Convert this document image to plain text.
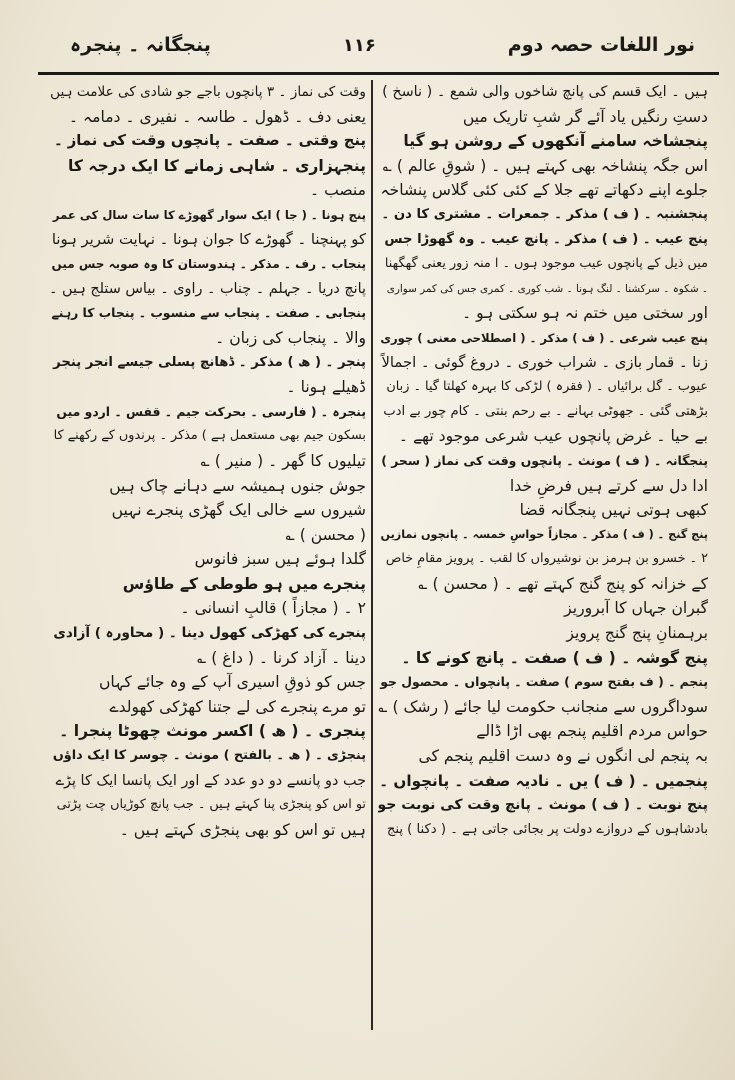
نور اللغات حصہ دوم
۱۱۶
پنجگانہ ۔ پنجرہ
ہیں ۔ ایک قسم کی پانچ شاخوں والی شمع ۔ ( ناسخ )
دستِ رنگیں یاد آئے گر شبِ تاریک میں
پنجشاخہ سامنے آنکھوں کے روشن ہو گیا
اس جگہ پنشاخہ بھی کہتے ہیں ۔ ( شوقِ عالم ) ؎
جلوے اپنے دکھاتے تھے جلا کے کئی کئی گلاس پنشاخہ
پنجشنبہ ۔ ( ف ) مذکر ۔ جمعرات ۔ مشتری کا دن ۔
پنج عیب ۔ ( ف ) مذکر ۔ پانچ عیب ۔ وہ گھوڑا جس
میں ذیل کے پانچوں عیب موجود ہوں ۔ ا منہ زور یعنی گھگھنا
۔ شکوہ ۔ سرکشنا ۔ لنگ ہونا ۔ شب کوری ۔ کمری جس کی کمر سواری
اور سختی میں ختم نہ ہو سکتی ہو ۔
پنج عیب شرعی ۔ ( ف ) مذکر ۔ ( اصطلاحی معنی ) چوری
زنا ۔ قمار بازی ۔ شراب خوری ۔ دروغ گوئی ۔ اجمالاً
عیوب ۔ گل برائیاں ۔ ( فقرہ ) لڑکی کا بہرہ کھلتا گیا ۔ زبان
بڑھتی گئی ۔ جھوٹی بہانے ۔ بے رحم بنتی ۔ کام چور بے ادب
بے حیا ۔ غرض پانچوں عیب شرعی موجود تھے ۔
پنجگانہ ۔ ( ف ) مونث ۔ پانچوں وقت کی نماز ( سحر )
ادا دل سے کرتے ہیں فرضِ خدا
کبھی ہوتی نہیں پنجگانہ قضا
پنج گنج ۔ ( ف ) مذکر ۔ مجازاً حواسِ خمسہ ۔ پانچوں نمازیں
۲ ۔ خسرو بن ہرمز بن نوشیرواں کا لقب ۔ پرویز مقامِ خاص
کے خزانہ کو پنج گنج کہتے تھے ۔ ( محسن ) ؎
گبران جہاں کا آبروریز
برہمنانِ پنج گنج پرویز
پنج گوشہ ۔ ( ف ) صفت ۔ پانچ کونے کا ۔
پنجم ۔ ( ف بفتح سوم ) صفت ۔ پانچواں ۔ محصول جو
سوداگروں سے منجانب حکومت لیا جائے ( رشک ) ؎
حواس مردم اقلیم پنجم بھی اڑا ڈالے
بہ پنجم لی انگوں نے وہ دست اقلیم پنجم کی
پنجمیں ۔ ( ف ) یں ۔ نادیہ صفت ۔ پانچواں ۔
پنج نوبت ۔ ( ف ) مونث ۔ پانچ وقت کی نوبت جو
بادشاہوں کے دروازے دولت پر بجائی جاتی ہے ۔ ( دکنا ) پنج
وقت کی نماز ۔ ۳ پانچوں باجے جو شادی کی علامت ہیں
یعنی دف ۔ ڈھول ۔ طاسہ ۔ نفیری ۔ دمامہ ۔
پنج وقتی ۔ صفت ۔ پانچوں وقت کی نماز ۔
پنجہزاری ۔ شاہی زمانے کا ایک درجہ کا
منصب ۔
پنج ہونا ۔ ( جا ) ایک سوار گھوڑے کا سات سال کی عمر
کو پہنچنا ۔ گھوڑے کا جوان ہونا ۔ نہایت شریر ہونا
پنجاب ۔ رف ۔ مذکر ۔ ہندوستان کا وہ صوبہ جس میں
پانچ دریا ۔ جہلم ۔ چناب ۔ راوی ۔ بیاس ستلج ہیں ۔
پنجابی ۔ صفت ۔ پنجاب سے منسوب ۔ پنجاب کا رہنے
والا ۔ پنجاب کی زبان ۔
پنجر ۔ ( ھ ) مذکر ۔ ڈھانچ پسلی جیسے انجر پنجر
ڈھیلے ہونا ۔
پنجرہ ۔ ( فارسی ۔ بحرکت جیم ۔ قفس ۔ اردو میں
بسکون جیم بھی مستعمل ہے ) مذکر ۔ پرندوں کے رکھنے کا
تیلیوں کا گھر ۔ ( منیر ) ؎
جوش جنوں ہمیشہ سے دہانے چاک ہیں
شیروں سے خالی ایک گھڑی پنجرے نہیں
( محسن ) ؎
گلدا ہوئے ہیں سبز فانوس
پنجرے میں ہو طوطی کے طاؤس
۲ ۔ ( مجازاً ) قالبِ انسانی ۔
پنجرے کی کھڑکی کھول دینا ۔ ( محاورہ ) آزادی
دینا ۔ آزاد کرنا ۔ ( داغ ) ؎
جس کو ذوقِ اسیری آپ کے وہ جائے کہاں
تو مرے پنجرے کی لے جتنا کھڑکی کھولدے
پنجری ۔ ( ھ ) اکسر مونث چھوٹا پنجرا ۔
پنجڑی ۔ ( ھ ۔ بالفتح ) مونث ۔ چوسر کا ایک داؤں
جب دو پانسے دو دو عدد کے اور ایک پانسا ایک کا پڑے
تو اس کو پنجڑی پنا کہتے ہیں ۔ جب پانچ کوڑیاں چت پڑتی
ہیں تو اس کو بھی پنجڑی کہتے ہیں ۔
